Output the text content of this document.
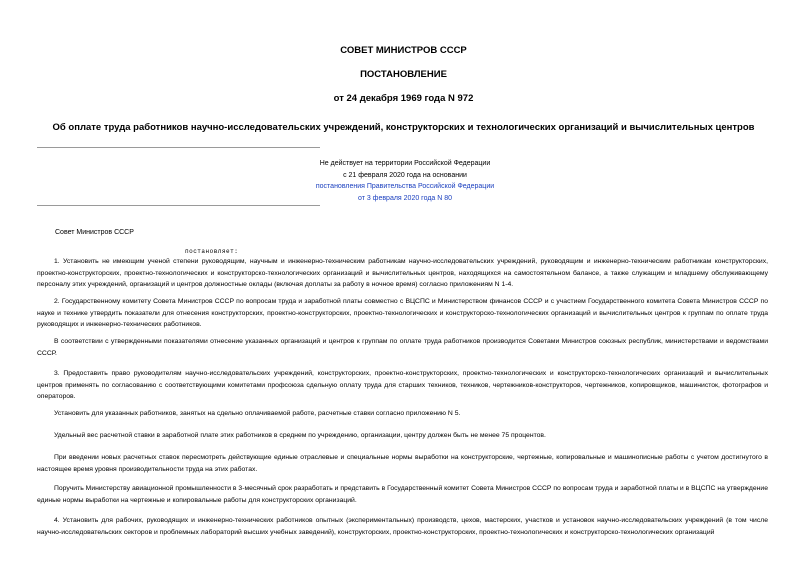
СОВЕТ МИНИСТРОВ СССР
ПОСТАНОВЛЕНИЕ
от 24 декабря 1969 года N 972
Об оплате труда работников научно-исследовательских учреждений, конструкторских и технологических организаций и вычислительных центров
Не действует на территории Российской Федерации
с 21 февраля 2020 года на основании
постановления Правительства Российской Федерации
от 3 февраля 2020 года N 80
Совет Министров СССР
постановляет:
1. Установить не имеющим ученой степени руководящим, научным и инженерно-техническим работникам научно-исследовательских учреждений, руководящим и инженерно-техническим работникам конструкторских, проектно-конструкторских, проектно-технологических и конструкторско-технологических организаций и вычислительных центров, находящихся на самостоятельном балансе, а также служащим и младшему обслуживающему персоналу этих учреждений, организаций и центров должностные оклады (включая доплаты за работу в ночное время) согласно приложениям N 1-4.
2. Государственному комитету Совета Министров СССР по вопросам труда и заработной платы совместно с ВЦСПС и Министерством финансов СССР и с участием Государственного комитета Совета Министров СССР по науке и технике утвердить показатели для отнесения конструкторских, проектно-конструкторских, проектно-технологических и конструкторско-технологических организаций и вычислительных центров к группам по оплате труда руководящих и инженерно-технических работников.
В соответствии с утвержденными показателями отнесение указанных организаций и центров к группам по оплате труда работников производится Советами Министров союзных республик, министерствами и ведомствами СССР.
3. Предоставить право руководителям научно-исследовательских учреждений, конструкторских, проектно-конструкторских, проектно-технологических и конструкторско-технологических организаций и вычислительных центров применять по согласованию с соответствующими комитетами профсоюза сдельную оплату труда для старших техников, техников, чертежников-конструкторов, чертежников, копировщиков, машинисток, фотографов и операторов.
Установить для указанных работников, занятых на сдельно оплачиваемой работе, расчетные ставки согласно приложению N 5.
Удельный вес расчетной ставки в заработной плате этих работников в среднем по учреждению, организации, центру должен быть не менее 75 процентов.
При введении новых расчетных ставок пересмотреть действующие единые отраслевые и специальные нормы выработки на конструкторские, чертежные, копировальные и машинописные работы с учетом достигнутого в настоящее время уровня производительности труда на этих работах.
Поручить Министерству авиационной промышленности в 3-месячный срок разработать и представить в Государственный комитет Совета Министров СССР по вопросам труда и заработной платы и в ВЦСПС на утверждение единые нормы выработки на чертежные и копировальные работы для конструкторских организаций.
4. Установить для рабочих, руководящих и инженерно-технических работников опытных (экспериментальных) производств, цехов, мастерских, участков и установок научно-исследовательских учреждений (в том числе научно-исследовательских секторов и проблемных лабораторий высших учебных заведений), конструкторских, проектно-конструкторских, проектно-технологических и конструкторско-технологических организаций
